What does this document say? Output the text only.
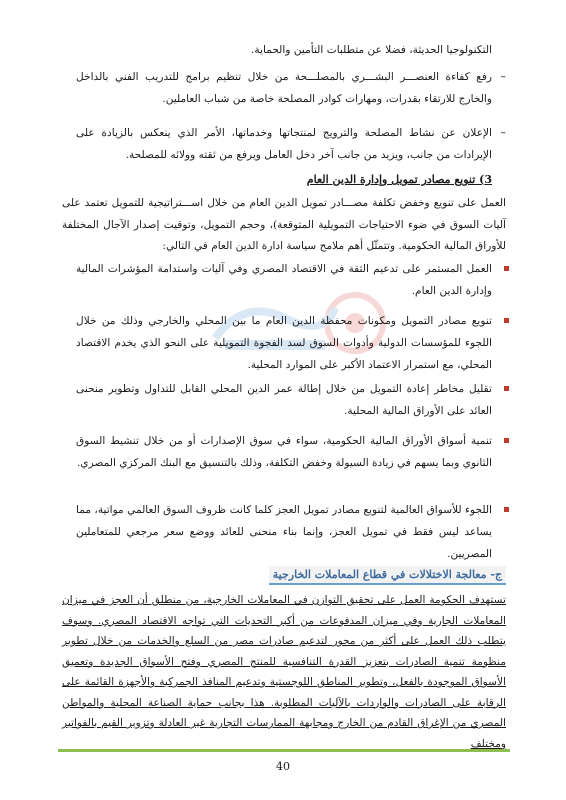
التكنولوجيا الحديثة، فضلا عن متطلبات التأمين والحماية.
–
رفع كفاءة العنصـــر البشـــري بالمصلـــحة من خلال تنظيم برامج للتدريب الفني بالداخل والخارج للارتقاء بقدرات، ومهارات كوادر المصلحة خاصة من شباب العاملين.
–
الإعلان عن نشاط المصلحة والترويج لمنتجاتها وخدماتها، الأمر الذي ينعكس بالزيادة على الإيرادات من جانب، ويزيد من جانب آخر دخل العامل ويرفع من ثقته وولائه للمصلحة.
3) تنويع مصادر تمويل وإدارة الدين العام
العمل على تنويع وخفض تكلفة مصـــادر تمويل الدين العام من خلال اســـتراتيجية للتمويل تعتمد على آليات السوق في ضوء الاحتياجات التمويلية المتوقعة)، وحجم التمويل، وتوقيت إصدار الآجال المختلفة للأوراق المالية الحكومية. وتتمثّل أهم ملامح سياسة ادارة الدين العام في التالي:
العمل المستمر على تدعيم الثقة في الاقتصاد المصري وفي آليات واستدامة المؤشرات المالية وإدارة الدين العام.
تنويع مصادر التمويل ومكونات محفظة الدين العام ما بين المحلي والخارجي وذلك من خلال اللجوء للمؤسسات الدولية وأدوات السوق لسد الفجوة التمويلية على النحو الذي يخدم الاقتصاد المحلي، مع استمرار الاعتماد الأكبر على الموارد المحلية.
تقليل مخاطر إعادة التمويل من خلال إطالة عمر الدين المحلي القابل للتداول وتطوير منحنى العائد على الأوراق المالية المحلية.
تنمية أسواق الأوراق المالية الحكومية، سواء في سوق الإصدارات أو من خلال تنشيط السوق الثانوي وبما يسهم في زيادة السيولة وخفض التكلفة، وذلك بالتنسيق مع البنك المركزي المصري.
اللجوء للأسواق العالمية لتنويع مصادر تمويل العجز كلما كانت ظروف السوق العالمي مواتية، مما يساعد ليس فقط في تمويل العجز، وإنما بناء منحنى للعائد ووضع سعر مرجعي للمتعاملين المصريين.
ج- معالجة الاختلالات في قطاع المعاملات الخارجية
تستهدف الحكومة العمل على تحقيق التوازن في المعاملات الخارجية، من منطلق أن العجز في ميزان المعاملات الجارية وفي ميزان المدفوعات من أكبر التحديات التي تواجه الاقتصاد المصري. وسوف يتطلب ذلك العمل على أكثر من محور لتدعيم صادرات مصر من السلع والخدمات من خلال تطوير منظومة تنمية الصادرات بتعزيز القدرة التنافسية للمنتج المصري وفتح الأسواق الجديدة وتعميق الأسواق الموجودة بالفعل، وتطوير المناطق اللوجستية وتدعيم المنافذ الجمركية والأجهزة القائمة على الرقابة على الصادرات والواردات بالآليات المطلوبة. هذا بجانب حماية الصناعة المحلية والمواطن المصري من الإغراق القادم من الخارج ومجابهة الممارسات التجارية غير العادلة وتزوير القيم بالفواتير ومختلف
40
